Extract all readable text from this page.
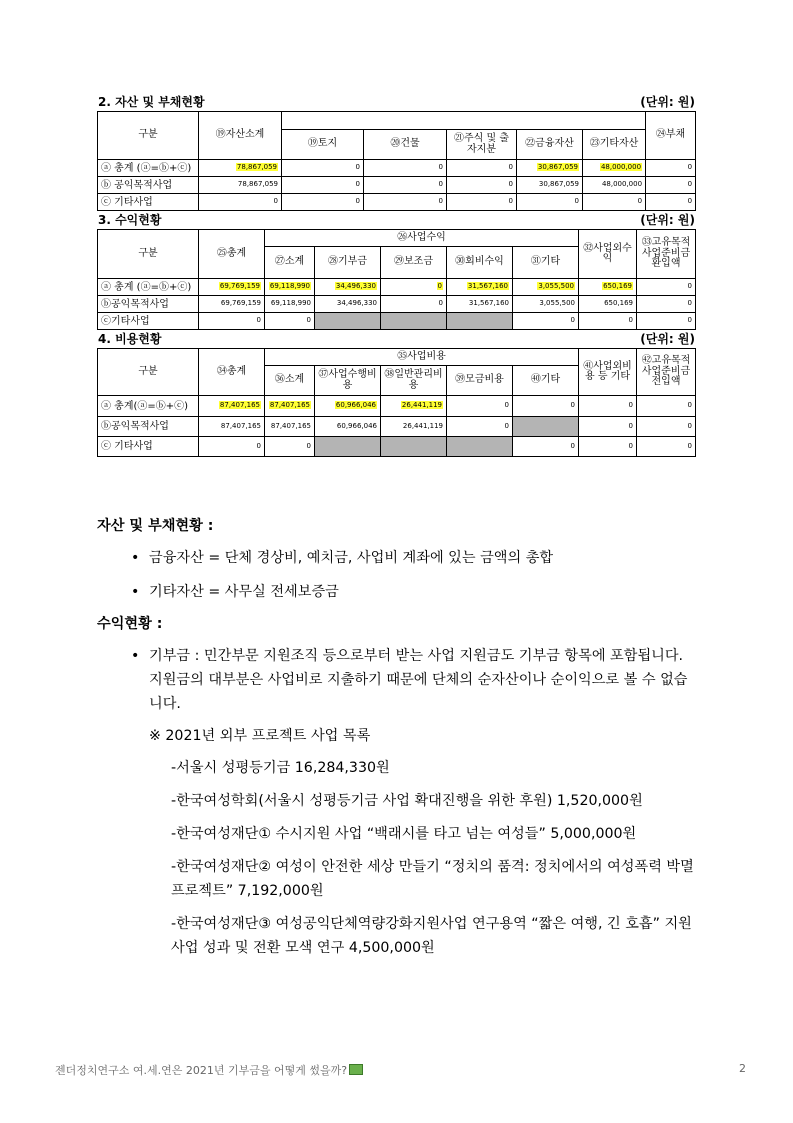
2. 자산 및 부채현황	(단위: 원)
구분	⑲자산소계						㉔부채
		⑲토지	⑳건물	㉑주식 및 출자지분	㉒금융자산	㉓기타자산	
ⓐ 총계 (ⓐ=ⓑ+ⓒ)	78,867,059	0	0	0	30,867,059	48,000,000	0
ⓑ 공익목적사업	78,867,059	0	0	0	30,867,059	48,000,000	0
ⓒ 기타사업	0	0	0	0	0	0	0
3. 수익현황	(단위: 원)
구분	㉕총계	㉖사업수익					㉜사업외수익	㉝고유목적사업준비금환입액
		㉗소계	㉘기부금	㉙보조금	㉚회비수익	㉛기타		
ⓐ 총계 (ⓐ=ⓑ+ⓒ)	69,769,159	69,118,990	34,496,330	0	31,567,160	3,055,500	650,169	0
ⓑ공익목적사업	69,769,159	69,118,990	34,496,330	0	31,567,160	3,055,500	650,169	0
ⓒ기타사업	0	0				0	0	0
4. 비용현황	(단위: 원)
구분	㉞총계	㉟사업비용					㊶사업외비용 등 기타	㊷고유목적사업준비금전입액
		㊱소계	㊲사업수행비용	㊳일반관리비용	㊴모금비용	㊵기타		
ⓐ 총계(ⓐ=ⓑ+ⓒ)	87,407,165	87,407,165	60,966,046	26,441,119	0	0	0	0
ⓑ공익목적사업	87,407,165	87,407,165	60,966,046	26,441,119	0		0	0
ⓒ 기타사업	0	0				0	0	0

자산 및 부채현황 :

• 금융자산 = 단체 경상비, 예치금, 사업비 계좌에 있는 금액의 총합
• 기타자산 = 사무실 전세보증금

수익현황 :

• 기부금 : 민간부문 지원조직 등으로부터 받는 사업 지원금도 기부금 항목에 포함됩니다. 지원금의 대부분은 사업비로 지출하기 때문에 단체의 순자산이나 순이익으로 볼 수 없습니다.

※ 2021년 외부 프로젝트 사업 목록

-서울시 성평등기금 16,284,330원

-한국여성학회(서울시 성평등기금 사업 확대진행을 위한 후원) 1,520,000원

-한국여성재단① 수시지원 사업 “백래시를 타고 넘는 여성들” 5,000,000원

-한국여성재단② 여성이 안전한 세상 만들기 “정치의 품격: 정치에서의 여성폭력 박멸 프로젝트” 7,192,000원

-한국여성재단③ 여성공익단체역량강화지원사업 연구용역 “짧은 여행, 긴 호흡” 지원사업 성과 및 전환 모색 연구 4,500,000원

젠더정치연구소 여.세.연은 2021년 기부금을 어떻게 썼을까?	2
